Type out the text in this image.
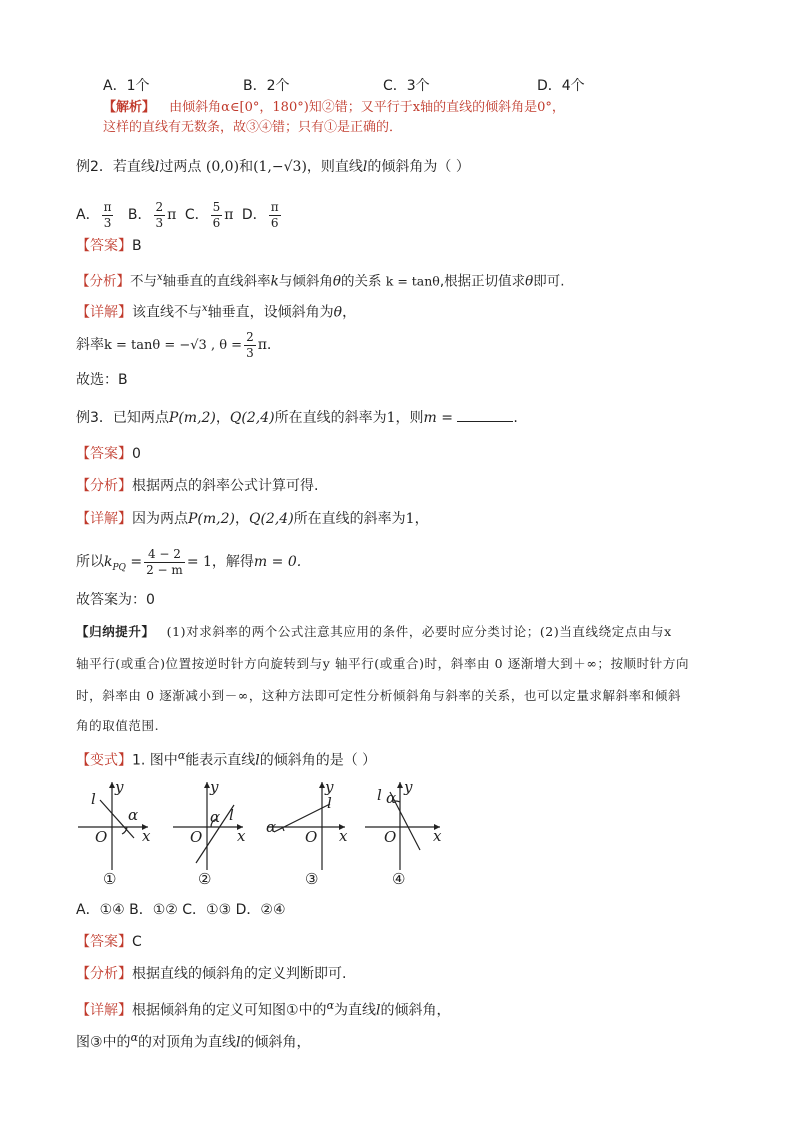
A．1个	B．2个	C．3个	D．4个
【解析】 由倾斜角α∈[0°，180°)知②错；又平行于x轴的直线的倾斜角是0°，
这样的直线有无数条，故③④错；只有①是正确的．
例2．若直线l过两点 (0,0)和(1,−√3)，则直线l的倾斜角为（ ）
A． $\frac{\pi}{3}$ B． $\frac{2}{3}$ π C． $\frac{5}{6}$ π D． $\frac{\pi}{6}$
【答案】B
【分析】不与$^x$轴垂直的直线斜率k与倾斜角θ的关系 k = tanθ,根据正切值求θ即可.
【详解】该直线不与$^x$轴垂直，设倾斜角为θ，
斜率k = tanθ = −√3 , $\theta = \frac{2}{3} \pi$.
故选：B
例3．已知两点P(m,2)，Q(2,4)所在直线的斜率为1，则m =	.
【答案】0
【分析】根据两点的斜率公式计算可得.
【详解】因为两点P(m,2)，Q(2,4)所在直线的斜率为1，
所以$k_{PQ} = \frac{4 - 2}{2 - m} = 1$，解得m = 0.
故答案为：0
【归纳提升】 (1)对求斜率的两个公式注意其应用的条件，必要时应分类讨论；(2)当直线绕定点由与x
轴平行(或重合)位置按逆时针方向旋转到与y 轴平行(或重合)时，斜率由 0 逐渐增大到＋∞；按顺时针方向
时，斜率由 0 逐渐减小到－∞，这种方法即可定性分析倾斜角与斜率的关系，也可以定量求解斜率和倾斜
角的取值范围.
【变式】1. 图中$^\alpha$能表示直线l的倾斜角的是（ ）
y
l
α
O x
①
y
l
α
O x
②
y
l
α
O x
③
y
l α
O x
④
A．①④ B．①② C．①③ D．②④
【答案】C
【分析】根据直线的倾斜角的定义判断即可.
【详解】根据倾斜角的定义可知图①中的$^\alpha$为直线l的倾斜角，
图③中的$^\alpha$的对顶角为直线l的倾斜角，
